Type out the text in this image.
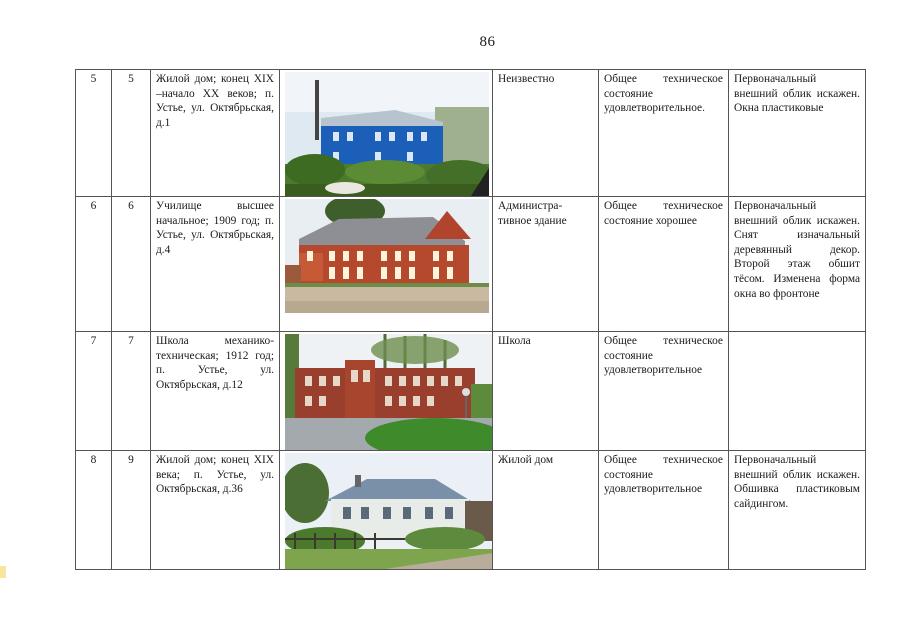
86
5	5	Жилой дом; конец XIX –начало XX веков; п. Устье, ул. Октябрьская, д.1		Неизвестно	Общее техническое состояние удовлетворительное.	Первоначальный внешний облик искажен. Окна пластиковые
6	6	Училище высшее начальное; 1909 год; п. Устье, ул. Октябрьская, д.4		Администра-тивное здание	Общее техническое состояние хорошее	Первоначальный внешний облик искажен. Снят изначальный деревянный декор. Второй этаж обшит тёсом. Изменена форма окна во фронтоне
7	7	Школа механико-техническая; 1912 год; п. Устье, ул. Октябрьская, д.12		Школа	Общее техническое состояние удовлетворительное	
8	9	Жилой дом; конец XIX века; п. Устье, ул. Октябрьская, д.36		Жилой дом	Общее техническое состояние удовлетворительное	Первоначальный внешний облик искажен. Обшивка пластиковым сайдингом.
